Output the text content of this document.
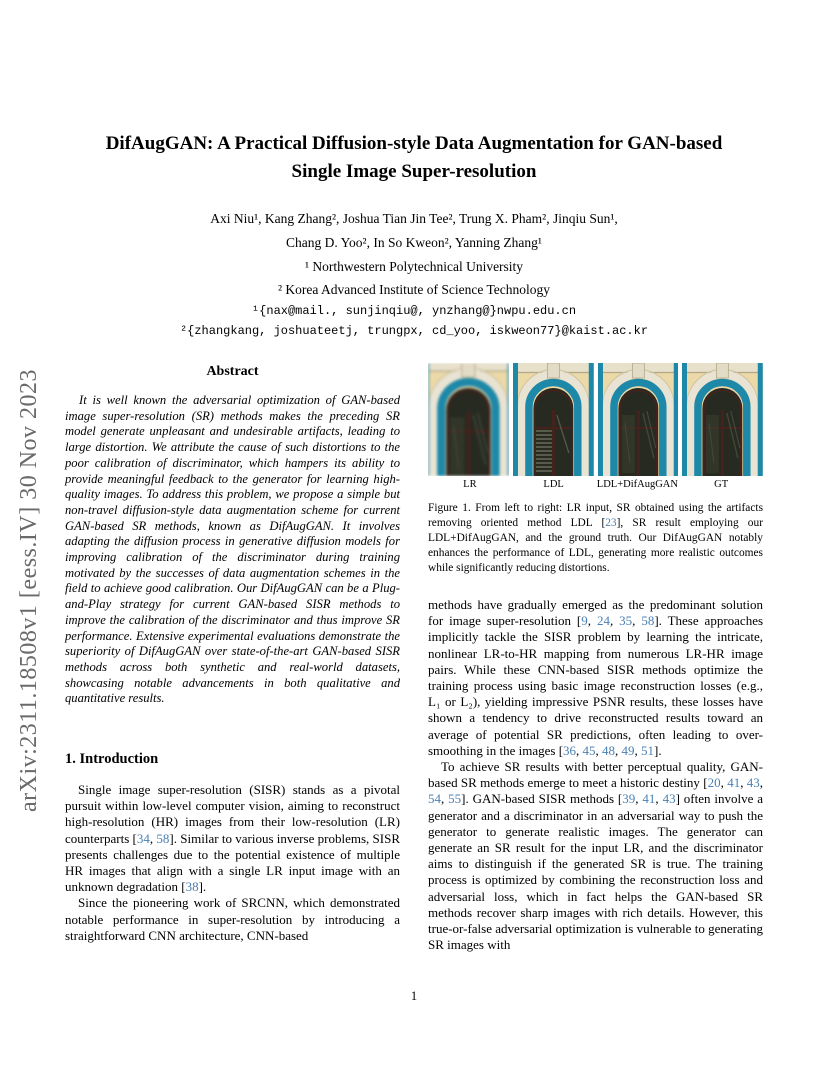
arXiv:2311.18508v1 [eess.IV] 30 Nov 2023
DifAugGAN: A Practical Diffusion-style Data Augmentation for GAN-based Single Image Super-resolution
Axi Niu¹, Kang Zhang², Joshua Tian Jin Tee², Trung X. Pham², Jinqiu Sun¹,
Chang D. Yoo², In So Kweon², Yanning Zhang¹
¹ Northwestern Polytechnical University
² Korea Advanced Institute of Science Technology
¹{nax@mail., sunjinqiu@, ynzhang@}nwpu.edu.cn
²{zhangkang, joshuateetj, trungpx, cd_yoo, iskweon77}@kaist.ac.kr
Abstract

It is well known the adversarial optimization of GAN-based image super-resolution (SR) methods makes the preceding SR model generate unpleasant and undesirable artifacts, leading to large distortion. We attribute the cause of such distortions to the poor calibration of discriminator, which hampers its ability to provide meaningful feedback to the generator for learning high-quality images. To address this problem, we propose a simple but non-travel diffusion-style data augmentation scheme for current GAN-based SR methods, known as DifAugGAN. It involves adapting the diffusion process in generative diffusion models for improving calibration of the discriminator during training motivated by the successes of data augmentation schemes in the field to achieve good calibration. Our DifAugGAN can be a Plug-and-Play strategy for current GAN-based SISR methods to improve the calibration of the discriminator and thus improve SR performance. Extensive experimental evaluations demonstrate the superiority of DifAugGAN over state-of-the-art GAN-based SISR methods across both synthetic and real-world datasets, showcasing notable advancements in both qualitative and quantitative results.

1. Introduction

Single image super-resolution (SISR) stands as a pivotal pursuit within low-level computer vision, aiming to reconstruct high-resolution (HR) images from their low-resolution (LR) counterparts [34, 58]. Similar to various inverse problems, SISR presents challenges due to the potential existence of multiple HR images that align with a single LR input image with an unknown degradation [38].

Since the pioneering work of SRCNN, which demonstrated notable performance in super-resolution by introducing a straightforward CNN architecture, CNN-based

LR	LDL	LDL+DifAugGAN	GT
Figure 1. From left to right: LR input, SR obtained using the artifacts removing oriented method LDL [23], SR result employing our LDL+DifAugGAN, and the ground truth. Our DifAugGAN notably enhances the performance of LDL, generating more realistic outcomes while significantly reducing distortions.

methods have gradually emerged as the predominant solution for image super-resolution [9, 24, 35, 58]. These approaches implicitly tackle the SISR problem by learning the intricate, nonlinear LR-to-HR mapping from numerous LR-HR image pairs. While these CNN-based SISR methods optimize the training process using basic image reconstruction losses (e.g., L₁ or L₂), yielding impressive PSNR results, these losses have shown a tendency to drive reconstructed results toward an average of potential SR predictions, often leading to over-smoothing in the images [36, 45, 48, 49, 51].

To achieve SR results with better perceptual quality, GAN-based SR methods emerge to meet a historic destiny [20, 41, 43, 54, 55]. GAN-based SISR methods [39, 41, 43] often involve a generator and a discriminator in an adversarial way to push the generator to generate realistic images. The generator can generate an SR result for the input LR, and the discriminator aims to distinguish if the generated SR is true. The training process is optimized by combining the reconstruction loss and adversarial loss, which in fact helps the GAN-based SR methods recover sharp images with rich details. However, this true-or-false adversarial optimization is vulnerable to generating SR images with

1
